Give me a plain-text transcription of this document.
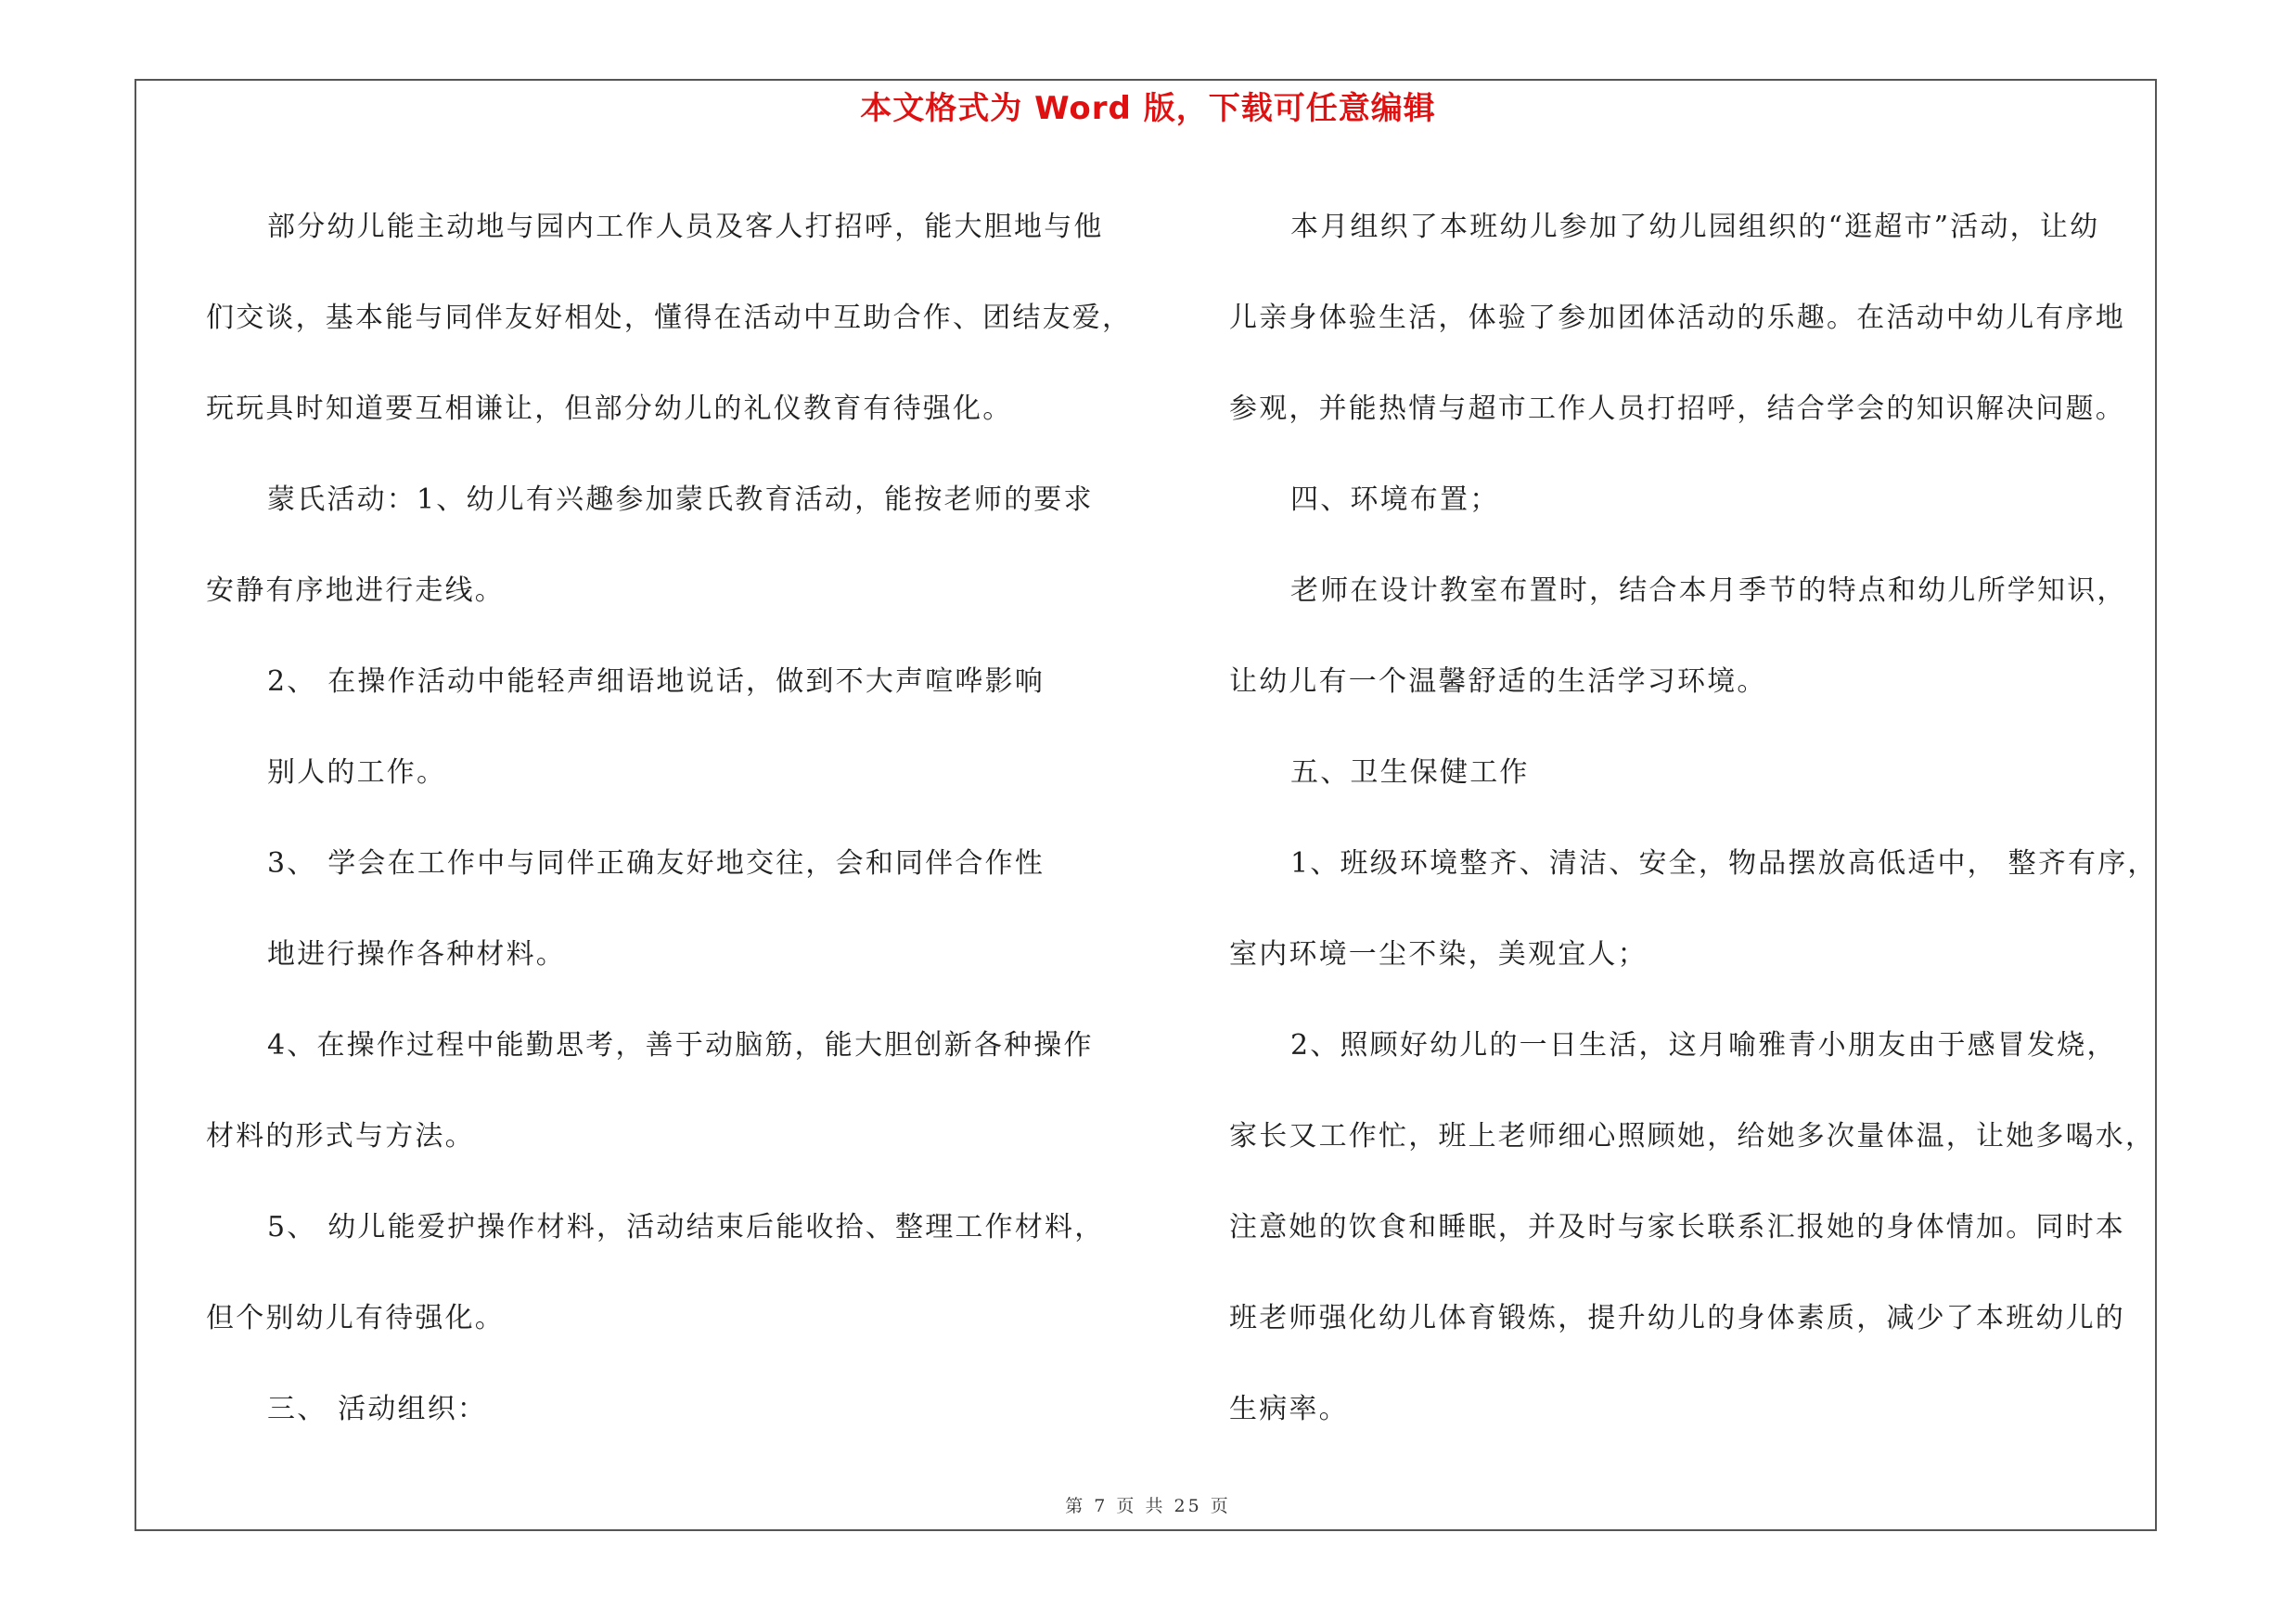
本文格式为 Word 版，下载可任意编辑
部分幼儿能主动地与园内工作人员及客人打招呼，能大胆地与他
们交谈，基本能与同伴友好相处，懂得在活动中互助合作、团结友爱，
玩玩具时知道要互相谦让，但部分幼儿的礼仪教育有待强化。
蒙氏活动：1、幼儿有兴趣参加蒙氏教育活动，能按老师的要求
安静有序地进行走线。
2、 在操作活动中能轻声细语地说话，做到不大声喧哗影响
别人的工作。
3、 学会在工作中与同伴正确友好地交往，会和同伴合作性
地进行操作各种材料。
4、在操作过程中能勤思考，善于动脑筋，能大胆创新各种操作
材料的形式与方法。
5、 幼儿能爱护操作材料，活动结束后能收拾、整理工作材料，
但个别幼儿有待强化。
三、 活动组织：
本月组织了本班幼儿参加了幼儿园组织的“逛超市”活动，让幼
儿亲身体验生活，体验了参加团体活动的乐趣。在活动中幼儿有序地
参观，并能热情与超市工作人员打招呼，结合学会的知识解决问题。
四、环境布置；
老师在设计教室布置时，结合本月季节的特点和幼儿所学知识，
让幼儿有一个温馨舒适的生活学习环境。
五、卫生保健工作
1、班级环境整齐、清洁、安全，物品摆放高低适中， 整齐有序，
室内环境一尘不染，美观宜人；
2、照顾好幼儿的一日生活，这月喻雅青小朋友由于感冒发烧，
家长又工作忙，班上老师细心照顾她，给她多次量体温，让她多喝水，
注意她的饮食和睡眠，并及时与家长联系汇报她的身体情加。同时本
班老师强化幼儿体育锻炼，提升幼儿的身体素质，减少了本班幼儿的
生病率。
第 7 页 共 25 页
